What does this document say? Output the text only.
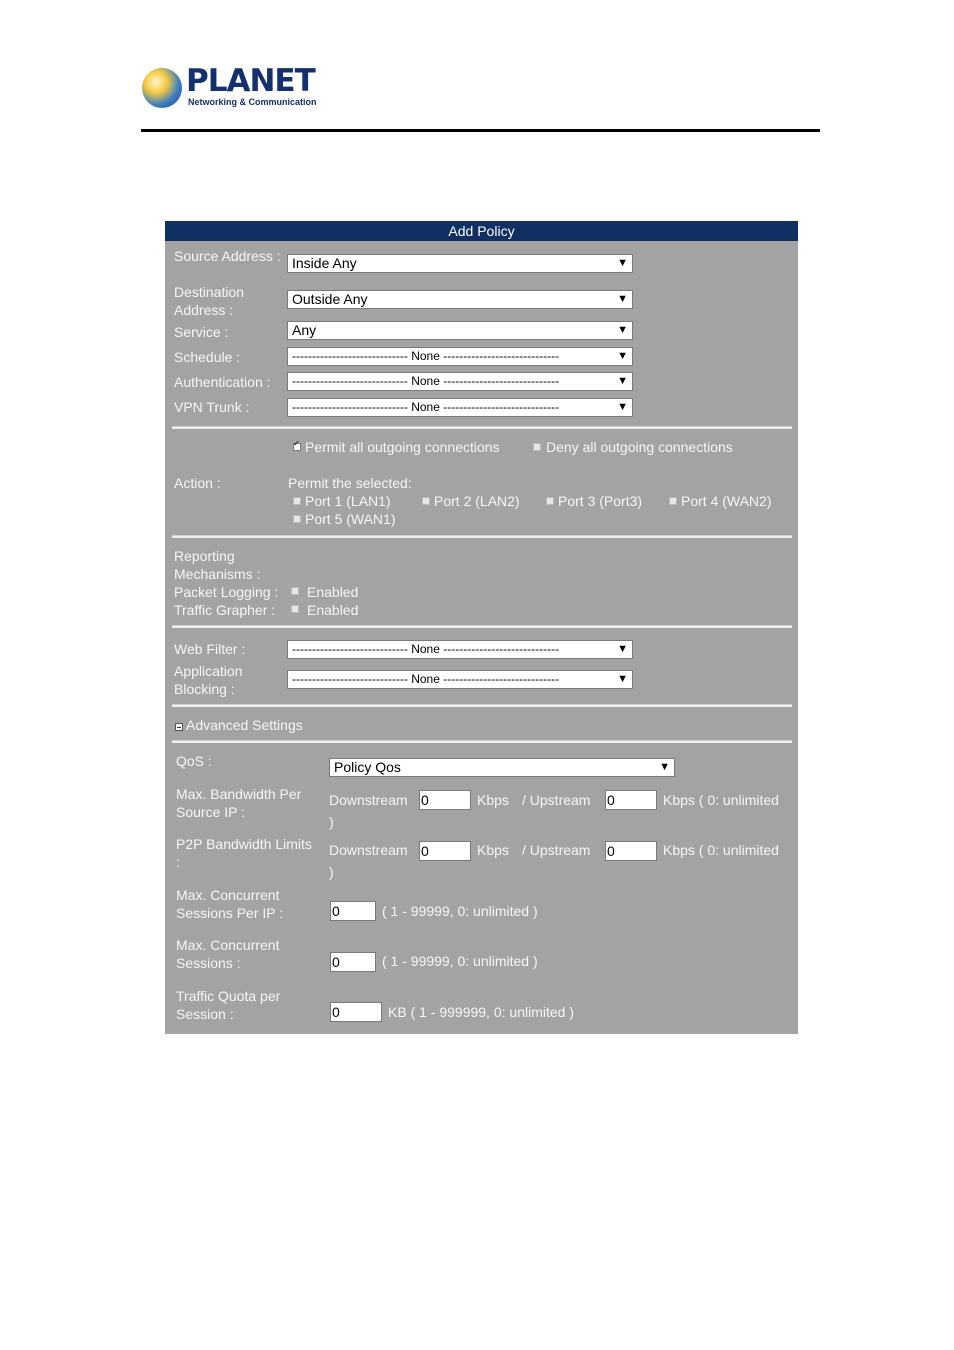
PLANET
Networking & Communication
Add Policy
Source Address : Inside Any	▼
Destination
Address :
Outside Any	▼
Service :	Any	▼
Schedule :	----------------------------- None -----------------------------	▼
Authentication :	----------------------------- None -----------------------------	▼
VPN Trunk :	----------------------------- None -----------------------------	▼
✔
Permit all outgoing connections	Deny all outgoing connections
Action :	Permit the selected:
Port 1 (LAN1)	Port 2 (LAN2)	Port 3 (Port3)	Port 4 (WAN2)
Port 5 (WAN1)
Reporting
Mechanisms :
Packet Logging : Enabled
Traffic Grapher : Enabled
Web Filter :	----------------------------- None -----------------------------	▼
Application
Blocking :
----------------------------- None -----------------------------	▼
Advanced Settings
QoS :	Policy Qos	▼
Max. Bandwidth Per
Source IP :
Downstream 0	Kbps / Upstream 0	Kbps ( 0: unlimited
)
P2P Bandwidth Limits
:
Downstream 0	Kbps / Upstream 0	Kbps ( 0: unlimited
)
Max. Concurrent
Sessions Per IP :	0	( 1 - 99999, 0: unlimited )
Max. Concurrent
Sessions :	0	( 1 - 99999, 0: unlimited )
Traffic Quota per
Session :	0	KB ( 1 - 999999, 0: unlimited )
